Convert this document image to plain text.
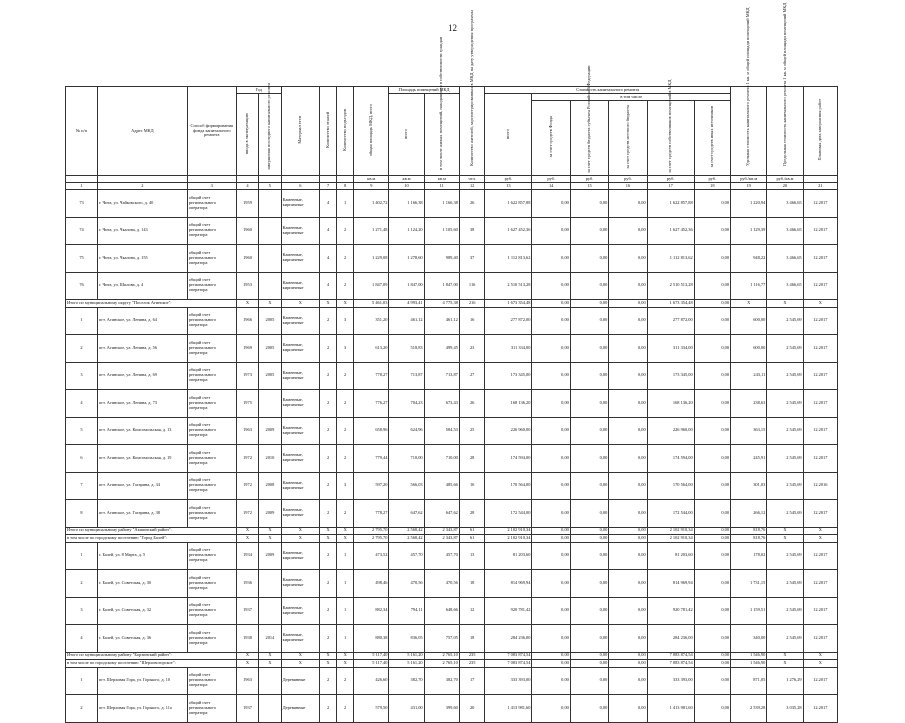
12
№ п/п	Адрес МКД	Способ формирования фонда капитального ремонта	Год		Материал стен	Количество этажей	Количество подъездов	общая площадь МКД, всего	Площадь помещений МКД		Количество жителей, зарегистрированных в МКД на дату утверждения программы	Стоимость капитального ремонта						Удельная стоимость капитального ремонта 1 кв. м общей площади помещений МКД	Предельная стоимость капитального ремонта 1 кв. м общей площади помещений МКД	Плановая дата завершения работ
			ввода в эксплуатацию	завершения последнего капитального ремонта					всего	в том числе жилых помещений, находящихся в собственности граждан		всего	в том числе							
													за счет средств Фонда	за счет средств бюджета субъекта Российской Федерации	за счет средств местного бюджета	за счет средств собственников помещений в МКД	за счет средств иных источников			
								кв.м	кв.м	кв.м	чел.	руб.	руб.	руб.	руб.	руб.	руб.	руб./кв.м	руб./кв.м	
1	2	3	4	5	6	7	8	9	10	11	12	13	14	15	16	17	18	19	20	21
73	г. Чита, ул. Чайковского, д. 40	общий счет регионального оператора	1959		Каменные, кирпичные	4	1	1 402,72	1 166,38	1 166,38	26	1 622 857,88	0,00	0,00	0,00	1 622 857,88	0,00	1 220,94	3 466,65	12.2017
74	г. Чита, ул. Чкалова, д. 143	общий счет регионального оператора	1960		Каменные, кирпичные	4	2	1 271,48	1 124,20	1 105,60	38	1 627 452,36	0,00	0,00	0,00	1 627 452,36	0,00	1 129,39	3 466,65	12.2017
75	г. Чита, ул. Чкалова, д. 155	общий счет регионального оператора	1960		Каменные, кирпичные	4	2	1 229,08	1 278,60	989,40	37	1 112 813,62	0,00	0,00	0,00	1 112 813,62	0,00	948,22	3 466,65	12.2017
76	г. Чита, ул. Шилова, д. 4	общий счет регионального оператора	1953		Каменные, кирпичные	4	2	1 847,09	1 847,00	1 847,00	116	2 510 513,28	0,00	0,00	0,00	2 510 513,28	0,00	1 116,77	3 466,65	12.2017
Итого по муниципальному округу "Поселок Агинское":			X	X	X	X	X	5 461,03	4 993,41	4 775,38	216	1 673 354,48	0,00	0,00	0,00	1 673 354,48	0,00	X	X	X
1	пгт. Агинское, ул. Ленина, д. 64	общий счет регионального оператора	1966	2005	Каменные, кирпичные	2	3	351,20	461,12	461,12	16	277 872,00	0,00	0,00	0,00	277 872,00	0,00	600,00	2 545,69	12.2017
2	пгт. Агинское, ул. Ленина, д. 56	общий счет регионального оператора	1969	2005	Каменные, кирпичные	2	3	613,20	518,83	499,45	23	311 334,00	0,00	0,00	0,00	311 334,00	0,00	600,00	2 545,69	12.2017
3	пгт. Агинское, ул. Ленина, д. 69	общий счет регионального оператора	1973	2005	Каменные, кирпичные	2	2	778,27	713,87	713,87	27	173 345,00	0,00	0,00	0,00	173 345,00	0,00	243,11	2 545,69	12.2017
4	пгт. Агинское, ул. Ленина, д. 73	общий счет регионального оператора	1975		Каменные, кирпичные	2	2	776,27	704,23	673,43	26	168 136,20	0,00	0,00	0,00	168 136,20	0,00	238,63	2 545,69	12.2017
5	пгт. Агинское, ул. Комсомольская, д. 13	общий счет регионального оператора	1963	2009	Каменные, кирпичные	2	2	658,96	624,96	584,53	25	226 960,00	0,00	0,00	0,00	226 960,00	0,00	363,15	2 545,69	12.2017
6	пгт. Агинское, ул. Комсомольская, д. 19	общий счет регионального оператора	1972	2010	Каменные, кирпичные	2	2	779,44	710,00	710,00	28	174 594,00	0,00	0,00	0,00	174 594,00	0,00	245,91	2 545,69	12.2017
7	пгт. Агинское, ул. Гагарина, д. 34	общий счет регионального оператора	1972	2008	Каменные, кирпичные	2	3	597,20	566,03	485,66	16	170 564,00	0,00	0,00	0,00	170 564,00	0,00	301,03	2 545,69	12.2016
8	пгт. Агинское, ул. Гагарина, д. 38	общий счет регионального оператора	1972	2009	Каменные, кирпичные	2	2	778,27	647,62	647,62	28	172 544,00	0,00	0,00	0,00	172 544,00	0,00	266,12	2 545,69	12.2017
Итого по муниципальному району "Акшинский район":			X	X	X	X	X	2 795,70	2 568,42	2 343,87	61	2 102 910,34	0,00	0,00	0,00	2 102 910,34	0,00	818,76	X	X
в том числе по городскому поселению "Город Балей":			X	X	X	X	X	2 795,70	2 568,42	2 343,87	61	2 102 910,34	0,00	0,00	0,00	2 102 910,34	0,00	818,76	X	X
1	г. Балей, ул. 8 Марта, д. 5	общий счет регионального оператора	1934	2009	Каменные, кирпичные	2	1	473,52	457,70	457,70	13	81 203,60	0,00	0,00	0,00	81 203,60	0,00	178,02	2 545,69	12.2017
2	г. Балей, ул. Советская, д. 30	общий счет регионального оператора	1936		Каменные, кирпичные	2	1	498,46	470,56	470,56	18	814 969,94	0,00	0,00	0,00	814 969,94	0,00	1 731,15	2 545,69	12.2017
3	г. Балей, ул. Советская, д. 32	общий счет регионального оператора	1937		Каменные, кирпичные	2	1	882,34	794,11	648,66	12	920 781,42	0,00	0,00	0,00	920 781,42	0,00	1 159,51	2 545,69	12.2017
4	г. Балей, ул. Советская, д. 36	общий счет регионального оператора	1938	2014	Каменные, кирпичные	2	1	880,38	836,05	757,05	18	284 236,00	0,00	0,00	0,00	284 236,00	0,00	340,00	2 545,69	12.2017
Итого по муниципальному району "Борзинский район":			X	X	X	X	X	5 117,40	5 161,20	2 765,10	235	7 083 874,54	0,00	0,00	0,00	7 083 874,54	0,00	1 546,90	X	X
в том числе по городскому поселению "Шерловогорское":			X	X	X	X	X	5 117,40	5 161,20	2 765,10	235	7 083 874,54	0,00	0,00	0,00	7 083 874,54	0,00	1 546,90	X	X
1	пгт. Шерловая Гора, ул. Горького, д. 10	общий счет регионального оператора	1963		Деревянные	2	2	426,60	382,70	382,70	17	333 393,00	0,00	0,00	0,00	333 393,00	0,00	871,05	1 276,29	12.2017
2	пгт. Шерловая Гора, ул. Горького, д. 11а	общий счет регионального оператора	1937		Деревянные	2	2	579,50	431,00	399,60	20	1 413 981,60	0,00	0,00	0,00	1 413 981,60	0,00	2 539,28	3 035,28	12.2017
